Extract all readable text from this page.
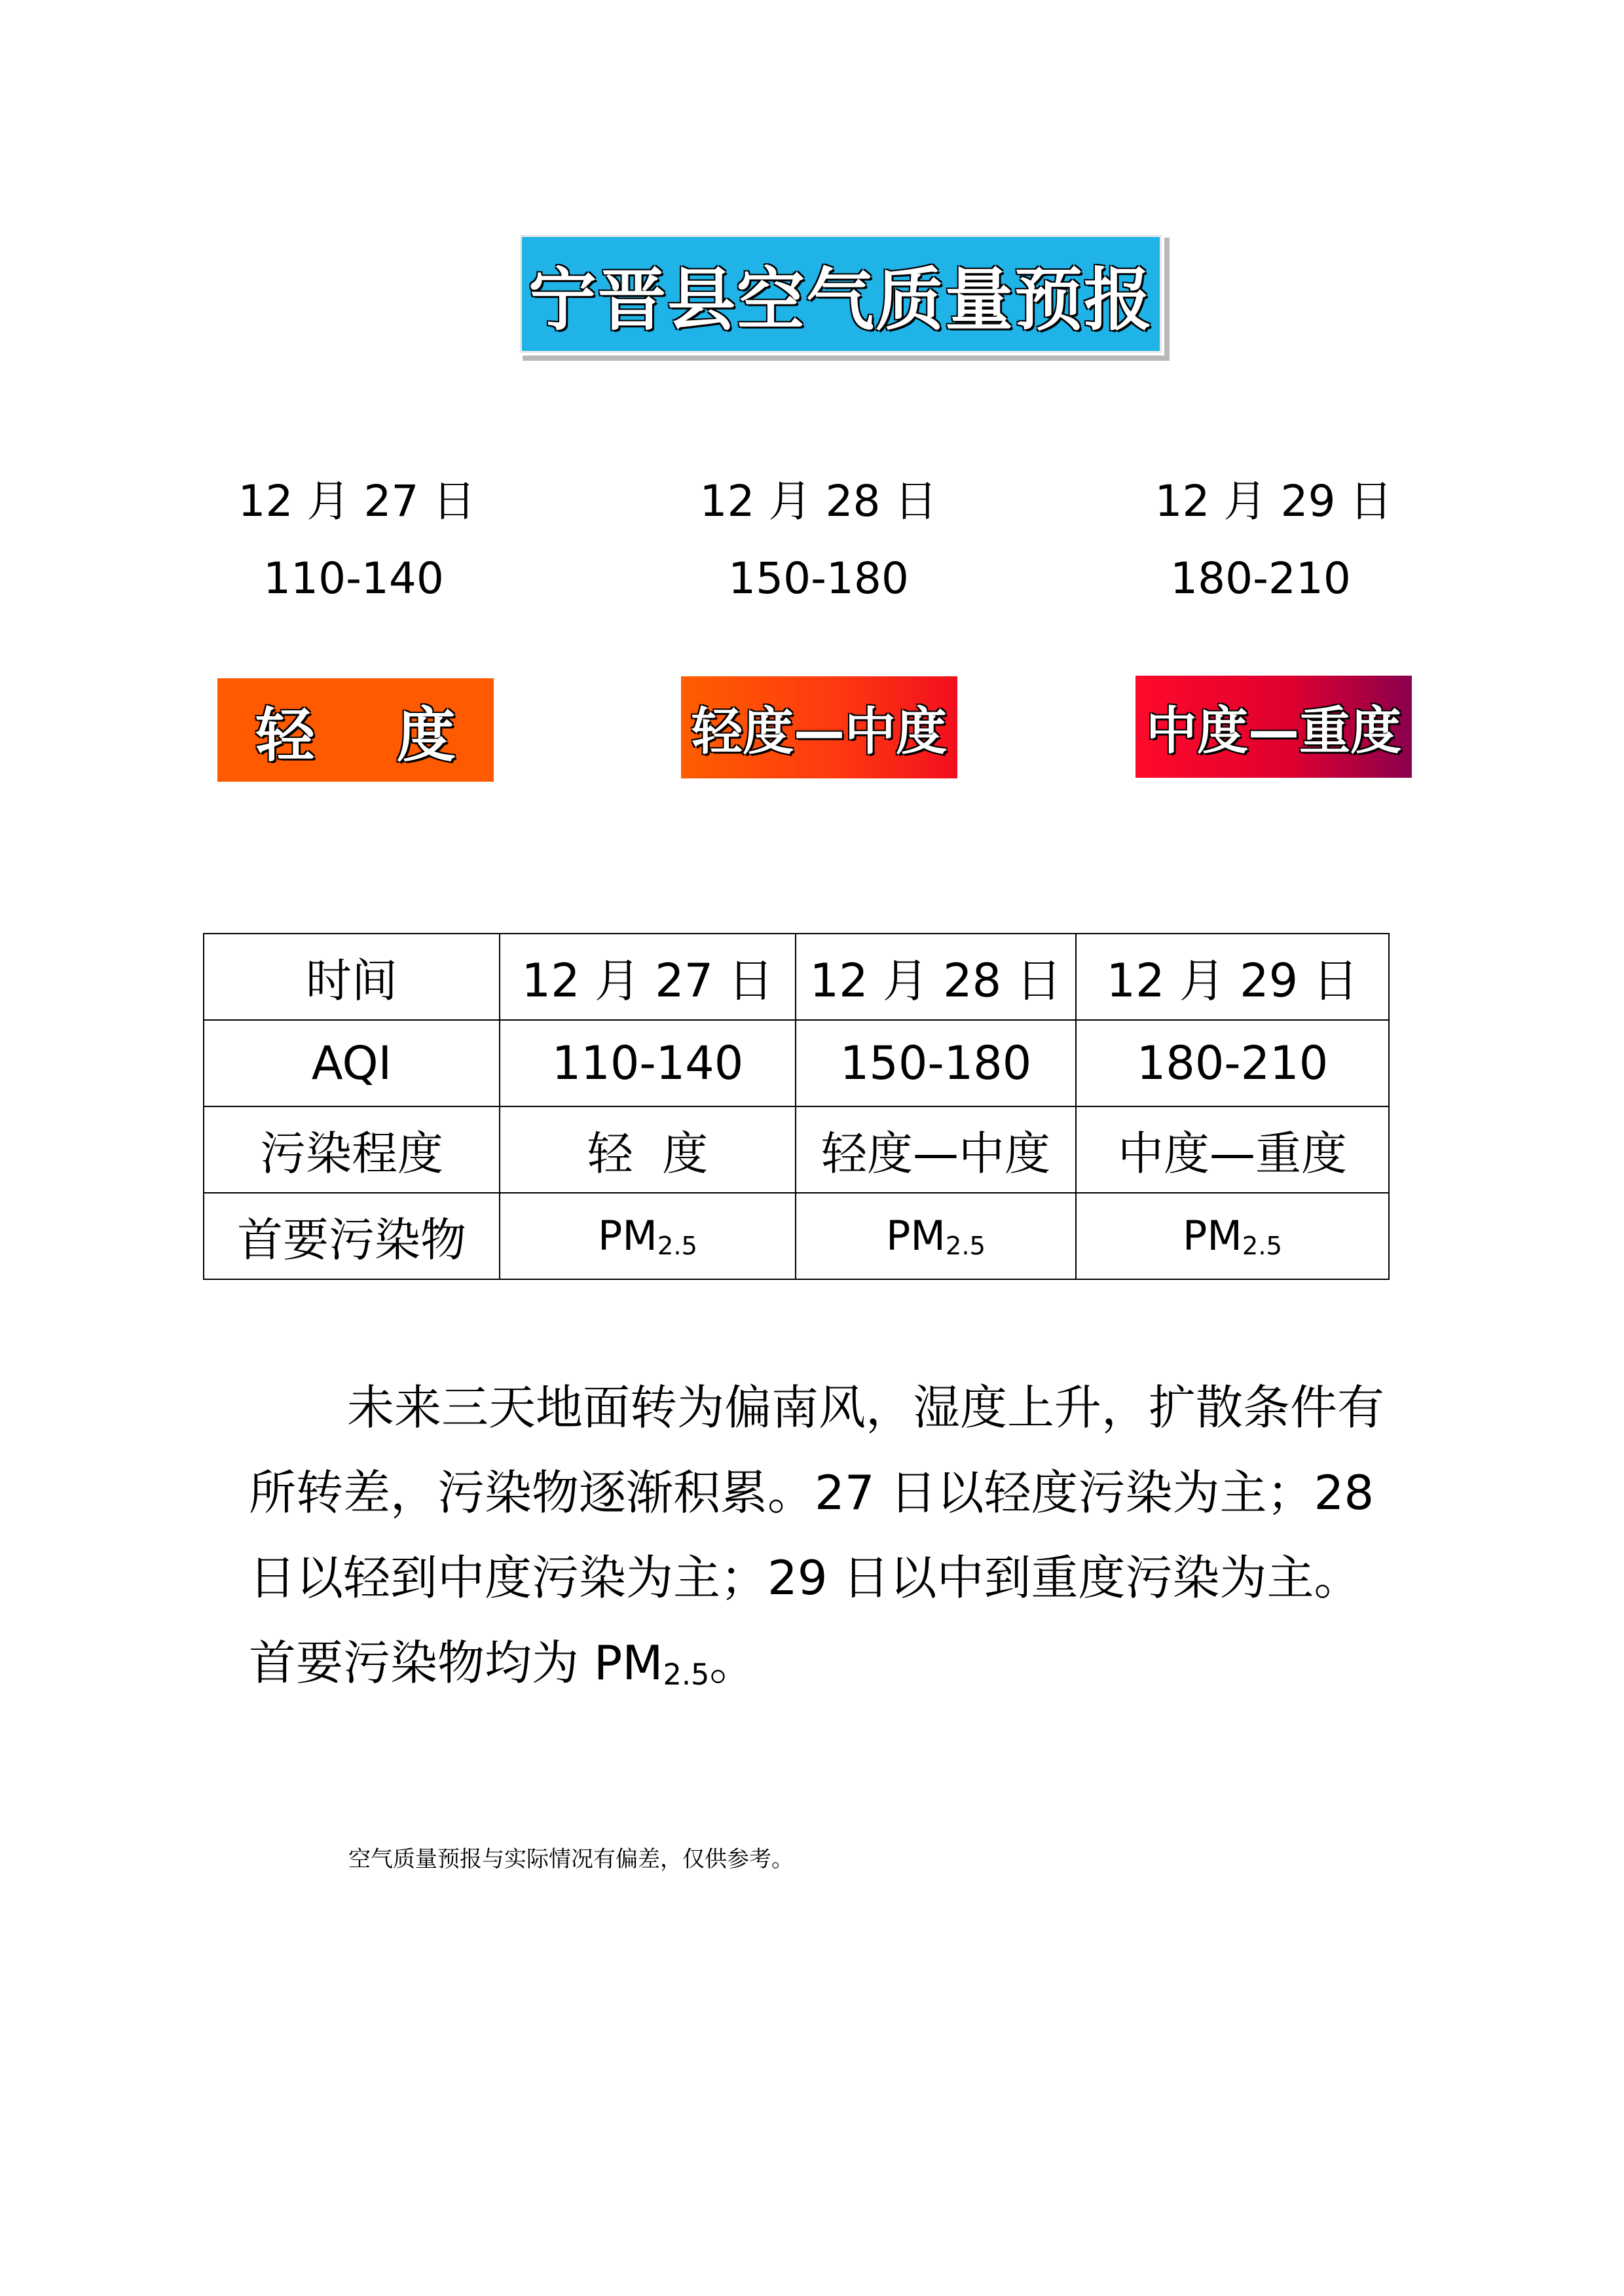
宁晋县空气质量预报
12 月 27 日
110-140
12 月 28 日
150-180
12 月 29 日
180-210
轻    度	轻度—中度	中度—重度
时间	12 月 27 日	12 月 28 日	12 月 29 日
AQI	110-140	150-180	180-210
污染程度	轻  度	轻度—中度	中度—重度
首要污染物	PM2.5	PM2.5	PM2.5
未来三天地面转为偏南风，湿度上升，扩散条件有所转差，污染物逐渐积累。27 日以轻度污染为主；28 日以轻到中度污染为主；29 日以中到重度污染为主。首要污染物均为 PM2.5。
空气质量预报与实际情况有偏差，仅供参考。
